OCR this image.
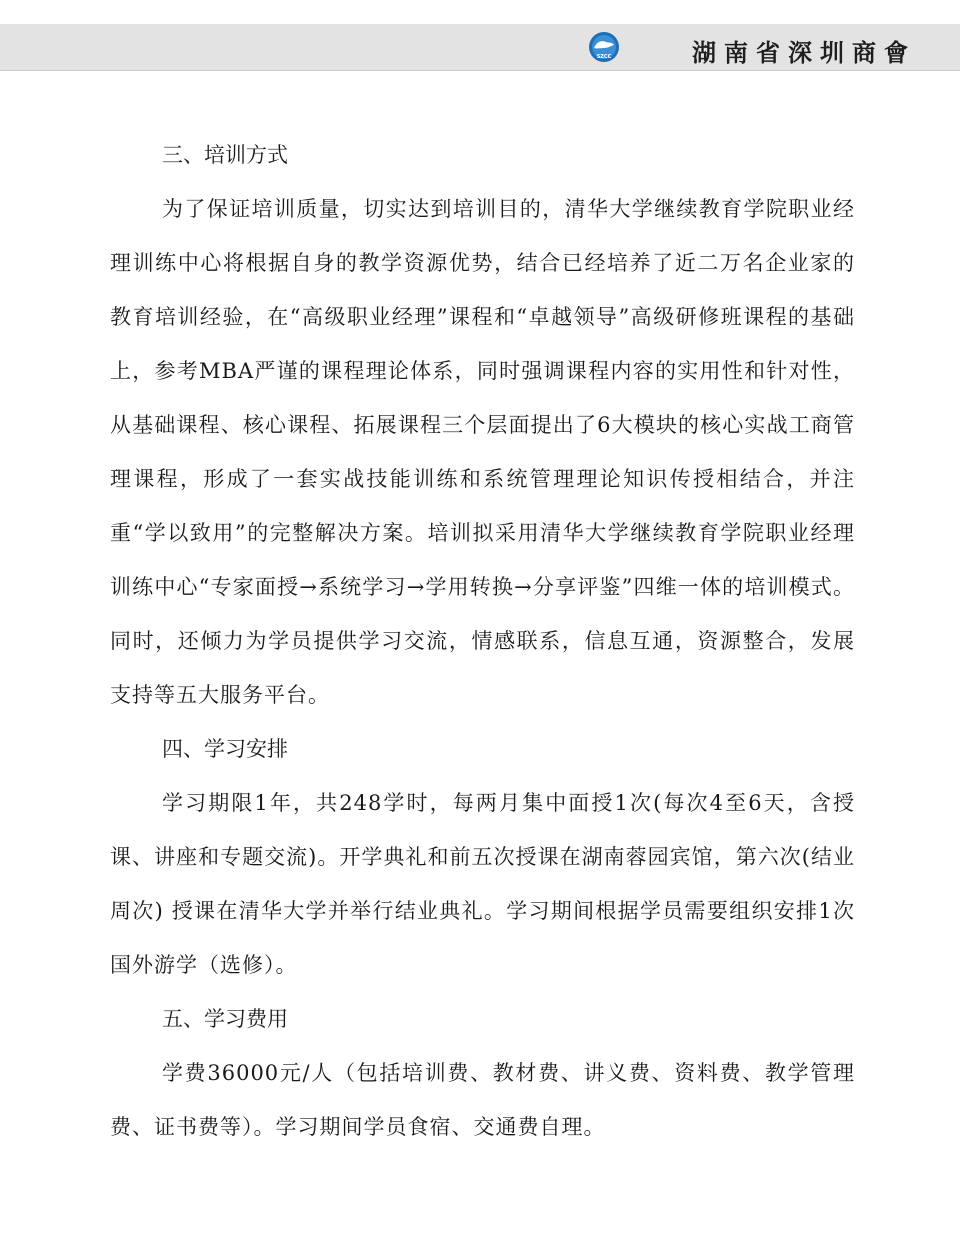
SZCC	湖南省深圳商會
三、培训方式
为了保证培训质量，切实达到培训目的，清华大学继续教育学院职业经理训练中心将根据自身的教学资源优势，结合已经培养了近二万名企业家的教育培训经验，在“高级职业经理”课程和“卓越领导”高级研修班课程的基础上，参考MBA严谨的课程理论体系，同时强调课程内容的实用性和针对性，从基础课程、核心课程、拓展课程三个层面提出了6大模块的核心实战工商管理课程，形成了一套实战技能训练和系统管理理论知识传授相结合，并注重“学以致用”的完整解决方案。培训拟采用清华大学继续教育学院职业经理训练中心“专家面授→系统学习→学用转换→分享评鉴”四维一体的培训模式。同时，还倾力为学员提供学习交流，情感联系，信息互通，资源整合，发展支持等五大服务平台。
四、学习安排
学习期限1年，共248学时，每两月集中面授1次(每次4至6天，含授课、讲座和专题交流)。开学典礼和前五次授课在湖南蓉园宾馆，第六次(结业周次) 授课在清华大学并举行结业典礼。学习期间根据学员需要组织安排1次国外游学（选修）。
五、学习费用
学费36000元/人（包括培训费、教材费、讲义费、资料费、教学管理费、证书费等）。学习期间学员食宿、交通费自理。
